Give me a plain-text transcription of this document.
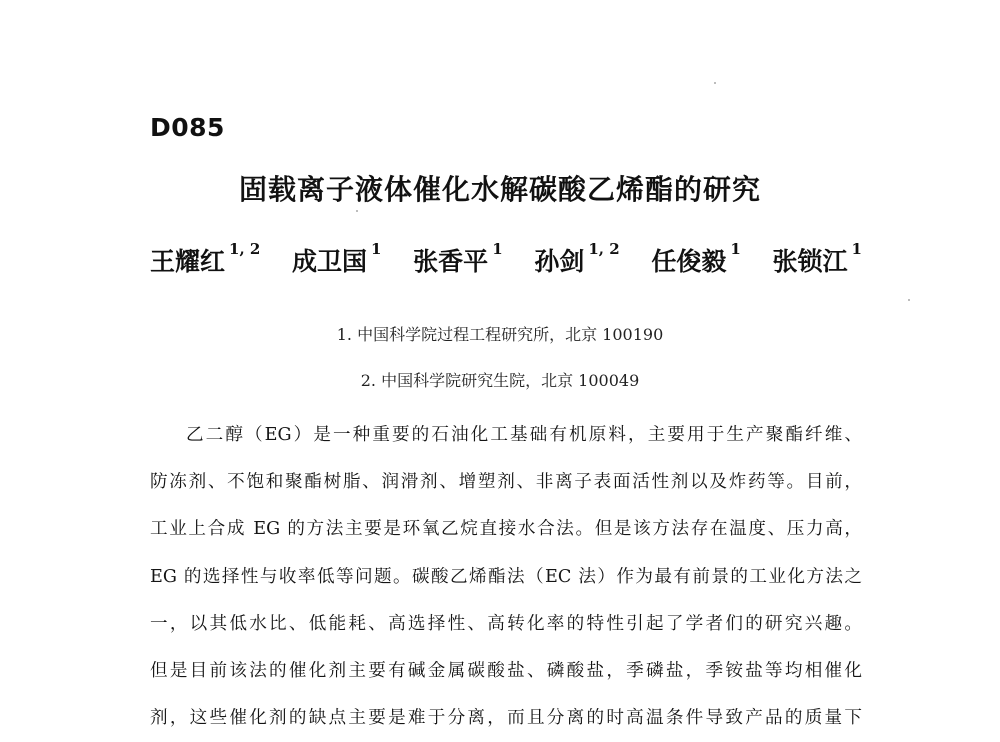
D085
固载离子液体催化水解碳酸乙烯酯的研究
王耀红 $^{1, 2}$ 成卫国 $^1$ 张香平 $^1$ 孙剑 $^{1, 2}$ 任俊毅 $^1$ 张锁江 $^1$
1. 中国科学院过程工程研究所，北京 100190
2. 中国科学院研究生院，北京 100049
乙二醇（EG）是一种重要的石油化工基础有机原料，主要用于生产聚酯纤维、
防冻剂、不饱和聚酯树脂、润滑剂、增塑剂、非离子表面活性剂以及炸药等。目前，
工业上合成 EG 的方法主要是环氧乙烷直接水合法。但是该方法存在温度、压力高，
EG 的选择性与收率低等问题。碳酸乙烯酯法（EC 法）作为最有前景的工业化方法之
一，以其低水比、低能耗、高选择性、高转化率的特性引起了学者们的研究兴趣。
但是目前该法的催化剂主要有碱金属碳酸盐、磷酸盐，季磷盐，季铵盐等均相催化
剂，这些催化剂的缺点主要是难于分离，而且分离的时高温条件导致产品的质量下
